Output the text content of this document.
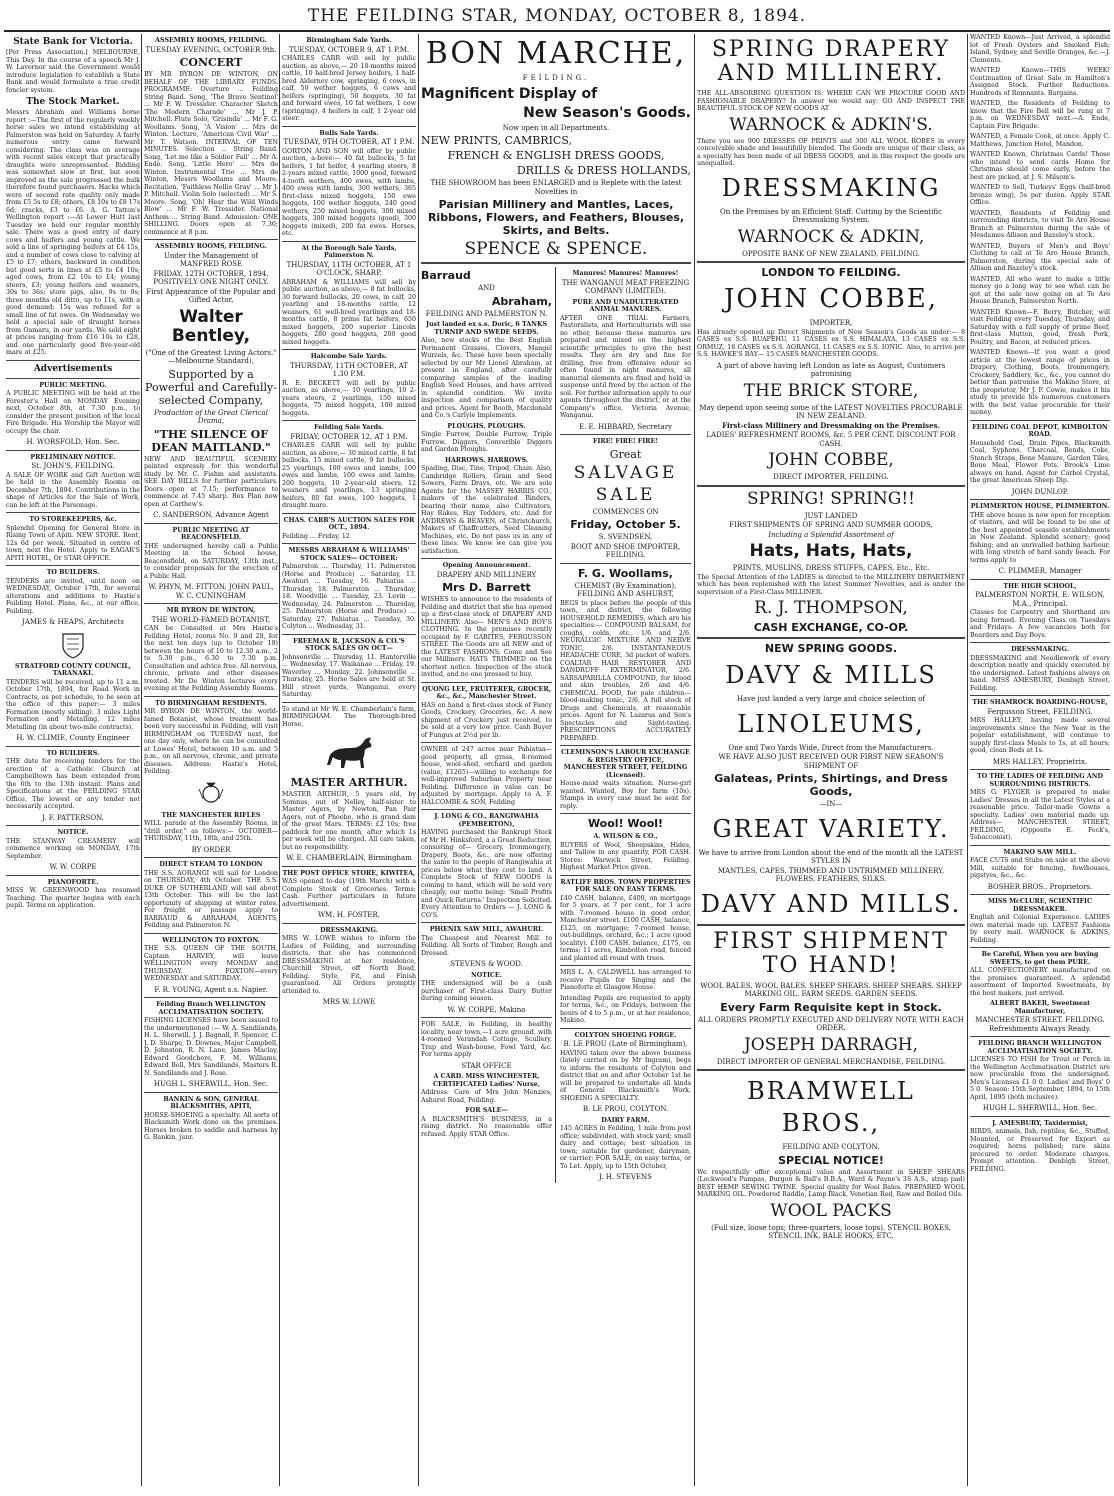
THE FEILDING STAR, MONDAY, OCTOBER 8, 1894.
State Bank for Victoria.

[Per Press Association.] MELBOURNE, This Day. In the course of a speech Mr J. W. Lavernor said the Government would introduce legislation to establish a State Bank and would formulate a true credit foncier system.

The Stock Market.

Messrs Abraham and Williams horse report :—The first of the regularly weekly horse sales we intend establishing at Palmerston was held on Saturday. A fairly numerous entry came forward considering. The class was on average with recent sales except that practically draughts were unrepresented. Bidding was somewhat slow at first, but soon improved as the sale progressed the bulk therefore found purchasers. Hacks which were of second rate quality only made from £5 5s to £8; others, £8 10s to £8 17s 6d; cracks, £3 to £6. A. G. Tatton's Wellington report :—At Lower Hutt last Tuesday we held our regular monthly sale. There was a good entry of dairy cows and heifers and young cattle. We sold a line of springing heifers at £4 15s, and a number of cows close to calving at £5 to £7; others, backward in condition but good sorts in lines at £5 to £4 10s; aged cows, from £2 10s to £4; young steers, £3; young heifers and weaners, 30s to 36s; store pigs, also, 9s to 9s; three months old ditto, up to 11s, with a good demand; 15s was refused for a small line of fat owes. On Wednesday we held a special sale of draught horses from Oamaru, in our yards. We sold eight at prices ranging from £16 10s to £28, and one particularly good five-year-old mare at £25.

Advertisements
PUBLIC MEETING.

A PUBLIC MEETING will be held at the Forester's Hall on MONDAY Evening next, October 8th, at 7.30 p.m., to consider the present position of the local Fire Brigade. His Worship the Mayor will occupy the chair.

H. WORSFOLD, Hon. Sec.
PRELIMINARY NOTICE.
St. JOHN'S, FEILDING.

A SALE OF WORK and Gift Auction will be held in the Assembly Rooms on December 7th, 1894. Contributions in the shape of Articles for the Sale of Work, can be left at the Parsonage.

TO STOREKEEPERS, &c.

Splendid Opening for General Store in Rising Town of Apiti. NEW STORE. Rent, 12s 6d per week. Situated in centre of town, next the Hotel. Apply to EAGAR'S APITI HOTEL, Or STAR OFFICE.

TO BUILDERS.

TENDERS are invited, until noon on WEDNESDAY, October 17th, for several alterations and additions to Hastie's Feilding Hotel. Plans, &c., at our office, Feilding.

JAMES & HEAPS, Architects
STRATFORD COUNTY COUNCIL, TARANAKI.

TENDERS will be received, up to 11 a.m. October 17th, 1894, for Road Work in Contracts, as per schedule, to be seen at the office of this paper:— 3 miles Formation (mostly sidling). 3 miles Light Formation and Metalling. 12 miles Metalling (in about two-mile contracts).

H. W. CLIMIE, County Engineer
TO BUILDERS.

THE date for receiving tenders for the erection of a Catholic Church at Campbelltown has been extended from the 6th to the 13th instant. Plans and Specifications at the FEILDING STAR Office. The lowest or any tender not necessarily accepted.

J. F. PATTERSON.
NOTICE.

THE STANWAY CREAMERY will commence working on MONDAY, 17th September.

W. W. CORPE
PIANOFORTE.

MISS W. GREENWOOD has resumed Teaching. The quarter begins with each pupil. Terms on application.

ASSEMBLY ROOMS, FEILDING.
TUESDAY EVENING, OCTOBER 9th.
CONCERT

BY MR BYRON DE WINTON, ON BEHALF OF THE LIBRARY FUNDS. PROGRAMME: Overture ... Feilding String Band. Song, 'The Brave Sentinel' ... Mr F. W. Tressider. Character Sketch 'The Modern Charade' ... Mr J. P. Mitchell. Flute Solo, 'Grisinda' ... Mr F. G. Woollams. Song, 'A Vision' ... Mrs de Winton. Lecture, 'American Civil War' ... Mr T. Watson. INTERVAL OF TEN MINUTES. Selection ... String Band. Song, 'Let me like a Soldier Fall' ... Mr A. Ende. Song, 'Little Hero' ... Mrs de Winton. Instrumental Trio ... Mrs de Winton, Messrs Woollams and Moore. Recitation, 'Faithless Nellie Gray' ... Mr J. P. Mitchell. Violin Solo (selected) ... Mr S. Moore. Song, 'Oh! Hear the Wild Winds Blow' ... Mr F. W. Tressider. National Anthem ... String Band. Admission: ONE SHILLING. Doors open at 7.30; commence at 8 p.m.

ASSEMBLY ROOMS, FEILDING.
Under the Management of MANFRED ROSE
FRIDAY, 12TH OCTOBER, 1894, POSITIVELY ONE NIGHT ONLY.
First Appearance of the Popular and Gifted Actor,
Walter Bentley,
("One of the Greatest Living Actors." —Melbourne Standard),
Supported by a Powerful and Carefully-selected Company,
Production of the Great Clerical Drama,
"THE SILENCE OF DEAN MAITLAND."

NEW AND BEAUTIFUL SCENERY, painted expressly for this wonderful study by Mr. C. Fiahm and assistants. SEE DAY BILLS for further particulars. Doors open at 7.15; performance to commence at 7.45 sharp. Box Plan now open at Carthew's.

C. SANDERSON, Advance Agent
PUBLIC MEETING AT BEACONSFIELD.

THE undersigned hereby call a Public Meeting in the School house, Beaconsfield, on SATURDAY, 13th inst., to consider proposals for the erection of a Public Hall.

W. PHYN, M. FITTON, JOHN PAUL, W. C. CUNINGHAM
MR BYRON DE WINTON,
THE WORLD-FAMED BOTANIST,

CAN be Consulted at Mrs Hastie's Feilding Hotel, rooms No. 9 and 28, for the next ten days (up to October 19) between the hours of 10 to 12.30 a.m., 2 to 5.30 p.m., 6.30 to 7.30 p.m. Consultation and advice free. All nervous, chronic, private and other diseases treated. Mr De Winton lectures every evening at the Feilding Assembly Rooms.

TO BIRMINGHAM RESIDENTS.

MR BYRON DE WINTON, the world-famed Botanist, whose treatment has been very successful in Feilding, will visit BIRMINGHAM on TUESDAY next, for one day only, where he can be consulted at Lowes' Hotel, between 10 a.m. and 5 p.m., on all nervous, chronic, and private diseases. Address: Hastie's Hotel, Feilding.

THE MANCHESTER RIFLES

WILL parade at the Assembly Rooms, in "drill order," as follows:— OCTOBER—THURSDAY, 11th, 18th, and 25th.

BY ORDER
DIRECT STEAM TO LONDON

THE S.S. AORANGI will sail for London on THURSDAY, 4th October. THE S.S. DUKE OF SUTHERLAND will sail about 13th October. This will be the last opportunity of shipping at winter rates. For freight or passage apply to BARRAUD & ABRAHAM, AGENTS, Feilding and Palmerston N.

WELLINGTON TO FOXTON.

THE S.S. QUEEN OF THE SOUTH, Captain HARVEY, will leave WELLINGTON every MONDAY and THURSDAY. FOXTON—every WEDNESDAY and SATURDAY.

F. R. YOUNG, Agent s.s. Napier.
Feilding Branch WELLINGTON ACCLIMATISATION SOCIETY.

FISHING LICENSES have been issued to the undermentioned :— W. A. Sandilands, H. L. Sherwill, J. J. Bagnall, F. Spencer, C. J. D. Sharpe, D. Downes, Major Campbell, D. Johnston, R. N. Lane, James Maclay, Edward Goodchere, F. M. Williams, Edward Bell, Mrs Sandilands, Masters R. N. Sandilands and J. Rose.

HUGH L. SHERWILL, Hon. Sec.
BANKIN & SON, GENERAL BLACKSMITHS, APITI,

HORSE-SHOEING a specialty. All sorts of Blacksmith Work done on the premises. Horses broken to saddle and harness by G. Bankin, junr.

Birmingham Sale Yards.
TUESDAY, OCTOBER 9, AT 1 P.M.

CHARLES CARR will sell by public auction, as above,— 20 18-months mixed cattle, 10 half-bred Jersey heifers, 1 half-bred Alderney cow, springing, 6 cows, in calf, 50 wether hoggets, 6 cows and heifers (springing), 50 hoggets, 30 fat and forward ewes, 10 fat wethers, 1 cow (springing), 4 heifers in calf, 1 2-year old steer.

Bulls Sale Yards.
TUESDAY, 9TH OCTOBER, AT 1 P.M.

GORTON AND SON will offer by public auction, a-bove:— 40 fat bullocks, 5 fat heifers, 1 fat heifer, 4 yearling steers, 8 2-years mixed cattle, 1000 good, forward 4-tooth wethers, 400 ewes, with lambs, 400 ewes with lambs, 300 wethers, 365 first-class mixed hoggets, 150 ewe hoggets, 100 wether hoggets, 240 good wethers, 250 mixed hoggets, 300 mixed hoggets, 300 mixed hoggets (good), 300 hoggets (mixed), 200 fat ewes. Horses, etc.

At the Borough Sale Yards, Palmerston N.
THURSDAY, 11TH OCTOBER, AT 1 O'CLOCK, SHARP.

ABRAHAM & WILLIAMS will sell by public auction, as above,— 8 fat bullocks, 30 forward bullocks, 20 cows, in calf, 20 yearling and 18-months cattle, 12 weaners, 61 well-bred yearlings and 18-months cattle, 8 prime fat heifers, 650 mixed hoggets, 200 superior Lincoln hoggets, 280 good hoggets, 200 good mixed hoggets.

Halcombe Sale Yards.
THURSDAY, 11TH OCTOBER, AT 1.30 P.M.

R. E. BECKETT will sell by public auction, as above,— 10 yearlings, 10 2-years steers, 2 yearlings, 150 mixed hoggets, 75 mixed hoggets, 100 mixed hoggets.

Feilding Sale Yards.
FRIDAY, OCTOBER 12, AT 1 P.M.

CHARLES CARR will sell by public auction, as above,— 30 mixed cattle, 8 fat bullocks, 15 mixed cattle, 9 fat bullocks, 25 yearlings, 100 ewes and lambs, 100 ewes and lambs, 100 ewes and lambs, 200 hoggets, 10 2-year-old steers, 12 weaners and yearlings, 13 springing heifers, 80 fat ewes, 100 hoggets, 1 draught mare.

CHAS. CARR'S AUCTION SALES FOR OCT., 1894.

Feilding ... Friday, 12

MESSRS ABRAHAM & WILLIAMS' STOCK SALES— OCTOBER:

Palmerston ... Thursday, 11. Palmerston (Horse and Produce) ... Saturday, 13. Awahuri ... Tuesday, 16. Pahiatua ... Thursday, 18. Palmerston ... Thursday, 18. Woodville ... Tuesday, 23. Levin ... Wednesday, 24. Palmerston ... Thursday, 25. Palmerston (Horse and Produce) ... Saturday, 27. Pahiatua ... Tuesday, 30. Colyton ... Wednesday, 31.

FREEMAN R. JACKSON & CO.'S STOCK SALES ON OCT—

Johnsonville ... Thursday, 11. Hunterville ... Wednesday, 17. Waikanae ... Friday, 19. Waverley ... Monday, 22. Johnsonville ... Thursday, 25. Horse Sales are held at St. Hill street yards, Wanganui, every Saturday.

To stand at Mr W. E. Chamberlain's farm, BIRMINGHAM. The Thorough-bred Horse,

MASTER ARTHUR.

MASTER ARTHUR, 5 years old, by Somnus, out of Nelley, half-sister to Master Agers, by Newton, Pan Pair Agers, out of Phoebe, who is grand dam of the great Mars. TERMS: £2 10s; free paddock for one month, after which 1s per week will be charged. All care taken, but no responsibility.

W. E. CHAMBERLAIN, Birmingham
THE POST OFFICE STORE, KIWITEA,

WAS opened to-day (19th March) with a Complete Stock of Groceries. Terms: Cash. Further particulars in future advertisement.

WM. H. FOSTER,
DRESSMAKING.

MRS W. LOWE wishes to inform the Ladies of Feilding, and surrounding districts, that she has commenced DRESSMAKING at her residence, Churchill Street, off North Road, Feilding. Style, Fit, and Finish guaranteed. All Orders promptly attended to.

MRS W. LOWE
BON MARCHE,
FEILDING.
Magnificent Display of
New Season's Goods.
Now open in all Departments.
NEW PRINTS, CAMBRICS,
FRENCH & ENGLISH DRESS GOODS,
DRILLS & DRESS HOLLANDS,
THE SHOWROOM has been ENLARGED and is Replete with the latest Novelties in
Parisian Millinery and Mantles, Laces, Ribbons, Flowers, and Feathers, Blouses, Skirts, and Belts.
SPENCE & SPENCE.
Barraud
AND
Abraham,
FEILDING AND PALMERSTON N.
Just landed ex s.s. Doric, 6 TANKS TURNIP AND SWEDE SEEDS.

Also, new stocks of the Best English Permanent Grasses, Clovers, Mangel Wurzels, &c. These have been specially selected by our Mr Lionel Abraham, at present in England, after carefully comparing samples of the leading English Seed Houses, and have arrived in splendid condition. We invite inspection and comparison of quality and prices. Agent for Booth, Macdonald and Co.'s Carlyle Implements.

PLOUGHS. PLOUGHS.

Single Furrow, Double Furrow, Triple Furrow. Diggers, Converible Diggers and Garden Ploughs.

HARROWS. HARROWS.

Spading, Disc, Tine, Tripod, Chain. Also, Cambridge Rollers, Grain and Seed Sowers, Farm Drays, etc. We are sole Agents for the MASSEY HARRIS CO., makers of the celebrated Binders, bearing their name, also Cultivators, Hay Rakes, Hay Tedders, etc. And for ANDREWS & BEAVEN, of Christchurch, Makers of Chaffcutters, Seed Cleaning Machines, etc. Do not pass us in any of these lines. We know we can give you satisfaction.

Opening Announcement.
DRAPERY AND MILLINERY
Mrs D. Barrett

WISHES to announce to the residents of Feilding and district that she has opened up a first-class stock of DRAPERY AND MILLINERY. Also— MEN'S AND BOY'S CLOTHING. In the premises recently occupied by F. GABITES, FERGUSSON STREET. The Goods are all NEW and of the LATEST FASHIONS. Come and See our Millinery. HATS TRIMMED on the shortest notice. Inspection of the stock invited, and no one pressed to buy.

QUONG LEE, FRUITERER, GROCER, &c., &c., Manchester Street.

HAS on hand a first-class stock of Fancy Goods, Crockery, Groceries, &c. A new shipment of Crockery just received, to be sold at a very low price. Cash Buyer of Fungus at 2½d per lb.

OWNER of 247 acres near Pahiatua—good property, all grass, 8-roomed house, wool-shed, orchard and garden (value, £1265)—willing to exchange for well-improved Suburban Property near Feilding. Difference in value can be adjusted by mortgage. Apply to A. F. HALCOMBE & SON, Feilding

J. LONG & CO., RANGIWAHIA (PEMBERTON),

HAVING purchased the Bankrupt Stock of Mr H. Hinksford, a a Great Reduction, consisting of— Grocery, Ironmongery, Drapery, Boots, &c., are now offering the same to the people of Rangiwahia at prices below what they cost to land. A Complete Stock of NEW GOODS is coming to hand, which will be sold very cheaply, our motto being: 'Small Profits and Quick Returns.' Inspection Solicited. Every Attention to Orders — J. LONG & CO'S.

PHŒNIX SAW MILL, AWAHURI.

The Cheapest and Nearest Mill to Feilding. All Sorts of Timber, Rough and Dressed.

STEVENS & WOOD.
NOTICE.

THE undersigned will be a cash purchaser of First-class Dairy Butter during coming season.

W. W. CORPE, Makino

FOR SALE, in Feilding, in healthy locality, near town,—1 acre ground, with 4-roomed Verandah Cottage, Scullery, Trap and Wash-house, Fowl Yard, &c. For terms apply

STAR OFFICE
A CARD. MISS WINCHESTER, CERTIFICATED Ladies' Nurse,

Address: Care of Mrs John Menzies, Ashurst Road, Feilding.

FOR SALE—

A BLACKSMITH'S BUSINESS, in a rising district. No reasonable offer refused. Apply STAR Office.

Manures! Manures! Manures!
THE WANGANUI MEAT FREEZING COMPANY (LIMITED).
PURE AND UNADULTERATED ANIMAL MANURES.

AFTER ONE TRIAL Farmers, Pastoralists, and Horticulturists will use no other, because these manures are prepared and mixed on the highest scientific principles to give the best results. They are dry and fine for drilling, free from offensive odour so often found in night manures, all manurial elements are fixed and held in suspense until freed by the action of the soil. For further information apply to our agents throughout the district, or at the Company's office, Victoria Avenue, Wanganui.

E. E. HIBBARD, Secretary
FIRE! FIRE! FIRE!
Great
SALVAGE
SALE
COMMENCES ON
Friday, October 5.
S. SVENDSEN,
BOOT AND SHOE IMPORTER, FEILDING.
F. G. Woollams,
CHEMIST (By Examination), FEILDING AND ASHURST,

BEGS to place before the people of this town, and district, the following HOUSEHOLD REMEDIES, which are his specialties:— COMPOUND BALSAM, for coughs, colds, etc., 1/6 and 2/6. NEURALGIC MIXTURE AND NERVE TONIC, 2/6. INSTANTANEOUS HEADACHE CURE, 3d packet of wafers. COALTAR HAIR RESTORER AND DANDRUFF EXTERMINATOR, 2/6. SARSAPARILLA COMPOUND, for blood and skin troubles, 2/6 and 4/6. CHEMICAL FOOD, for pale children—blood-making tonic, 2/6. A full stock of Drugs and Chemicals, at reasonable prices. Agent for N. Lazarus and Son's Spectacles and Sight-testing. PRESCRIPTIONS ACCURATELY PREPARED.

CLEMINSON'S LABOUR EXCHANGE & REGISTRY OFFICE, MANCHESTER STREET, FEILDING (Licensed).

House-maid waits situation. Nurse-girl wanted. Wanted, Boy for farm (10s). Stamps in every case must be sent for reply.

Wool! Wool!
A. WILSON & CO.,

BUYERS of Wool, Sheepskins, Hides, and Tallow in any quantity, FOR CASH. Stores: Warwick Street, Feilding. Highest Market Price given.

RATLIFF BROS. TOWN PROPERTIES FOR SALE ON EASY TERMS.

£40 CASH, balance, £400, on mortgage for 5 years, at 7 per cent., for 1 acre with 7-roomed house in good order, Manchester street. £100 CASH, balance, £125, on mortgage; 7-roomed house, out-buildings, orchard, &c.; 1 acre (good locality). £100 CASH, balance, £175, on terms; 11 acres, Kimbolton road, fenced and planted all round with trees.

MRS L. A. CALDWELL has arranged to receive Pupils for Singing and the Pianoforte at Glasgow House.

Intending Pupils are requested to apply for terms, &c., on Fridays, between the hours of 4 to 5 p.m., or at her residence, Makino.

COLYTON SHOEING FORGE.
B. LE PROU (Late of Birmingham),

HAVING taken over the above business (lately carried on by Mr Ingram), begs to inform the residents of Colyton and district that on and after October 1st he will be prepared to undertake all kinds of General Blacksmith's Work. SHOEING A SPECIALTY.

B. LE PROU, COLYTON.
DAIRY FARM.

145 ACRES in Feilding, 1 mile from post office; subdivided, with stock yard; small dairy and cottage; best situation in town; suitable for gardener, dairyman, or carrier; FOR SALE, on easy terms, or To Let. Apply, up to 15th October,

J. H. STEVENS
SPRING DRAPERY AND MILLINERY.

THE ALL-ABSORBING QUESTION IS: WHERE CAN WE PROCURE GOOD AND FASHIONABLE DRAPERY? In answer we would say: GO AND INSPECT THE BEAUTIFUL STOCK OF NEW GOODS AT

WARNOCK & ADKIN'S.

There you see 900 DRESSES OF PRINTS and 300 ALL WOOL ROBES in every conceivable shade and beautifully blended. The Goods are unique of their class, as a specialty has been made of all DRESS GOODS, and in this respect the goods are unequalled.

DRESSMAKING
On the Premises by an Efficient Staff. Cutting by the Scientific Dressmaking System.
WARNOCK & ADKIN,
OPPOSITE BANK OF NEW ZEALAND, FEILDING.
LONDON TO FEILDING.
JOHN COBBE,
IMPORTER,

Has already opened up Direct Shipments of New Season's Goods as under:— 8 CASES ex S.S. RUAPEHU, 11 CASES ex S.S. HIMALAYA, 13 CASES ex S.S. ORMUZ, 18 CASES ex S.S. AORANGI, 11 CASES ex S.S. IONIC. Also, to arrive per S.S. HAWKE'S BAY— 15 CASES MANCHESTER GOODS.

A part of above having left London as late as August, Customers patronising
THE BRICK STORE,
May depend upon seeing some of the LATEST NOVELTIES PROCURABLE IN NEW ZEALAND.
First-class Millinery and Dressmaking on the Premises.
LADIES' REFRESHMENT ROOMS, &c. 5 PER CENT. DISCOUNT FOR CASH.
JOHN COBBE,
DIRECT IMPORTER, FEILDING.
SPRING! SPRING!!
JUST LANDED
FIRST SHIPMENTS OF SPRING AND SUMMER GOODS,
Including a Splendid Assortment of
Hats, Hats, Hats,
PRINTS, MUSLINS, DRESS STUFFS, CAPES, Etc., Etc.

The Special Attention of the LADIES is directed to the MILLINERY DEPARTMENT which has been replenished with the latest Summer Novelties, and is under the supervision of a First-Class MILLINER.

R. J. THOMPSON,
CASH EXCHANGE, CO-OP.
NEW SPRING GOODS.
DAVY & MILLS
Have just landed a very large and choice selection of
LINOLEUMS,
One and Two Yards Wide, Direct from the Manufacturers.
WE HAVE ALSO JUST RECEIVED OUR FIRST NEW SEASON'S SHIPMENT OF
Galateas, Prints, Shirtings, and Dress Goods,
—IN—
GREAT VARIETY.
We have to arrive from London about the end of the month all the LATEST STYLES IN
MANTLES, CAPES, TRIMMED AND UNTRIMMED MILLINERY, FLOWERS, FEATHERS, SILKS.
DAVY AND MILLS.
FIRST SHIPMENT TO HAND!
WOOL BALES. WOOL BALES. SHEEP SHEARS. SHEEP SHEARS. SHEEP MARKING OIL. FARM SEEDS. GARDEN SEEDS.
Every Farm Requisite kept in Stock.
ALL ORDERS PROMPTLY EXECUTED AND DELIVERY NOTE WITH EACH ORDER.
JOSEPH DARRAGH,
DIRECT IMPORTER OF GENERAL MERCHANDISE, FEILDING.
BRAMWELL BROS.,
FEILDING AND COLYTON.
SPECIAL NOTICE!

We respectfully offer exceptional value and Assortment in SHEEP SHEARS (Lockwood's Pampas, Burgon & Ball's B.B.A., Ward & Payne's 3S A.S., strap pad) BEST HEMP SEWING TWINE. Special quality for Wool Bales. PREPARED WOOL MARKING OIL. Powdered Raddle, Lamp Black, Venetian Red, Raw and Boiled Oils.

WOOL PACKS
(Full size, loose tops; three-quarters, loose tops). STENCIL BOXES, STENCIL INK, BALE HOOKS, ETC.

WANTED Known—Just Arrived, a splendid lot of Fresh Oysters and Smoked Fish; Island, Sydney, and Seville Oranges, &c.—J. Clements.

WANTED Known—THIS WEEK! Continuation of Great Sale in Hamilton's Assigned Stock. Further Reductions. Hundreds of Remnants. Bargains.

WANTED, the Residents of Feilding to know that the Fire Bell will be rung at 7 p.m. on WEDNESDAY next.—A. Ende, Captain Fire Brigade.

WANTED, a Female Cook, at once. Apply C. Matthews, Junction Hotel, Mandon.

WANTED Known, Christmas Cards! Those who intend to send cards Home for Christmas should come early, before the best are picked, at J. S. Milsom's.

WANTED to Sell, Turkeys' Eggs (half-bred bronze wing), 5s per dozen. Apply STAR Office.

WANTED, Residents of Feilding and surrounding districts, to visit Te Aro House Branch at Palmerston during the sale of Mesdames Allison and Bazeley's stock.

WANTED, Buyers of Men's and Boys' Clothing to call at Te Aro House Branch, Palmerston, during the special sale of Allison and Bazeley's stock.

WANTED, All who want to make a little money go a long way to see what can be got at the sale now going on at Te Aro House Branch, Palmerston North.

WANTED Known—F. Berry, Butcher, will visit Feilding every Tuesday, Thursday, and Saturday with a full supply of prime Beef, first-class Mutton, good, fresh Pork, Poultry, and Bacon, at reduced prices.

WANTED Known—If you want a good article at the lowest range of prices in Drapery, Clothing, Boots, Ironmongery, Crockery, Saddlery, &c., &c., you cannot do better than patronise the Makino Store, at the proprietor, Mr J. P. Cowie, makes it his study to provide his numerous customers with the best value procurable for their money.

FEILDING COAL DEPOT, KIMBOLTON ROAD.

Household Coal, Drain Pipes, Blacksmith Coal, Syphons, Charcoal, Bends, Coke, Stench Straps, Bone Manure, Garden Tiles, Bone Meal, Flower Pots. Brook's Lime always on hand. Agent for Carbol Crystal, the great American Sheep Dip.

JOHN DUNLOP.
PLIMMERTON HOUSE, PLIMMERTON.

THE above house is now open for reception of visitors, and will be found to be one of the best appointed seaside establishments in New Zealand. Splendid scenery; good fishing; and an unrivalled bathing harbour, with long stretch of hard sandy beach. For terms apply to

C. PLIMMER, Manager
THE HIGH SCHOOL,
PALMERSTON NORTH, E. WILSON, M.A., Principal.

Classes for Carpentry and Shorthand are being formed. Evening Class on Tuesdays and Fridays. A few vacancies both for Boarders and Day Boys.

DRESSMAKING.

DRESSMAKING and Needlework of every description neatly and quickly executed by the undersigned. Latest fashions always on hand. MISS AMESBURY, Denbigh Street, Feilding.

THE SHAMROCK BOARDING-HOUSE,
Fergusson Street, FEILDING.

MRS HALLEY, having made several improvements since the New Year in the popular establishment, will continue to supply first-class Meals to 1s, at all hours; good, clean Beds at 1s.

MRS HALLEY, Proprietrix.
TO THE LADIES OF FEILDING AND SURROUNDING DISTRICTS.

MRS G. FLYGER is prepared to make Ladies' Dresses in all the Latest Styles at a reasonable price. Tailor-made Gowns a specialty. Ladies' own material made up. Address— MANCHESTER STREET, FEILDING, (Opposite E. Feck's, Tobacconist).

MAKINO SAW MILL.

FACE CUTS and Stubs on sale at the above Mill, suitable for fencing, fowlhouses, pigstyes, &c., &c.

BOSHER BROS., Proprietors.
MISS McCLURE, SCIENTIFIC DRESSMAKER.

English and Colonial Experience. LADIES own material made up. LATEST Fashions by every mail. WARNOCK & ADKINS, Feilding.

Be Careful, When you are buying SWEETS, to get them PURE.

ALL CONFECTIONERY manufactured on the premises guaranteed. A splendid assortment of Imported Sweetmeats, by the best makers, just arrived.

ALBERT BAKER, Sweetmeat Manufacturer,
MANCHESTER STREET, FEILDING. Refreshments Always Ready.
FEILDING BRANCH WELLINGTON ACCLIMATISATION SOCIETY.

LICENSES TO FISH for Trout or Perch in the Wellington Acclimatisation District are now procurable from the undersigned. Men's Licenses £1 0 0. Ladies' and Boys' 0 5 0. Season: 15th September, 1894, to 15th April, 1895 (both inclusive).

HUGH L. SHERWILL, Hon. Sec.
J. AMESBURY, Taxidermist,

BIRDS, animals, fish, reptiles, &c., Stuffed, Mounted, or Preserved for Export as required; horns polished; rare skins procured to order. Moderate charges. Prompt attention. Denbigh Street, FEILDING.
